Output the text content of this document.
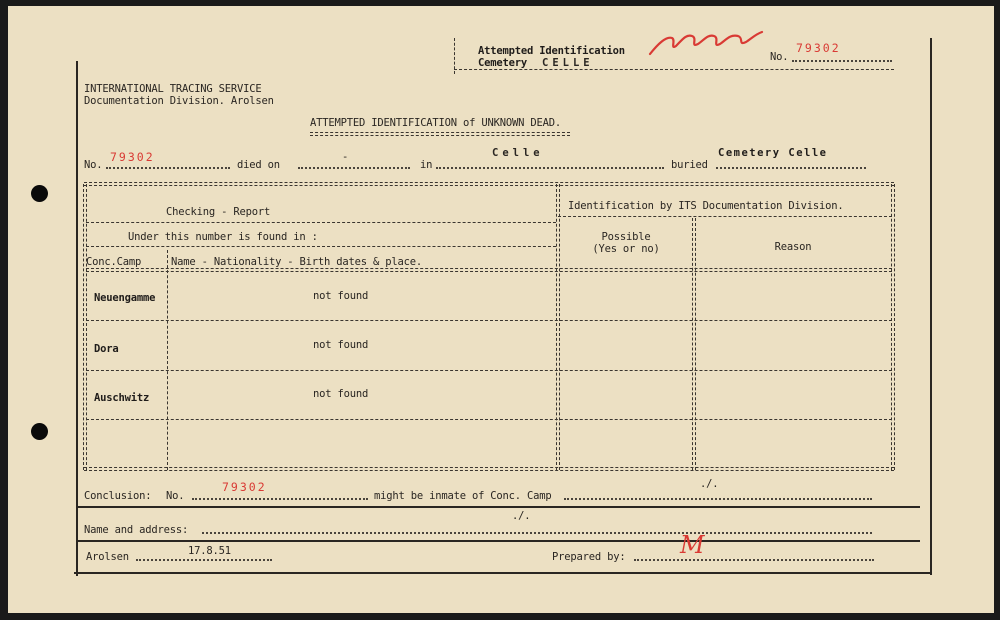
Attempted Identification
Cemetery CELLE	No.
79302
INTERNATIONAL TRACING SERVICE
Documentation Division. Arolsen
ATTEMPTED IDENTIFICATION of UNKNOWN DEAD.
No.
79302
died on
-
in
Celle
buried
Cemetery Celle
Checking - Report	Identification by ITS Documentation Division.
Under this number is found in :
Conc.Camp	Name - Nationality - Birth dates & place.
Possible
(Yes or no)	Reason
Neuengamme	not found
Dora	not found
Auschwitz	not found
Conclusion: No.
79302
might be inmate of Conc. Camp
./.
./.
Name and address:
17.8.51
Arolsen	Prepared by: M
